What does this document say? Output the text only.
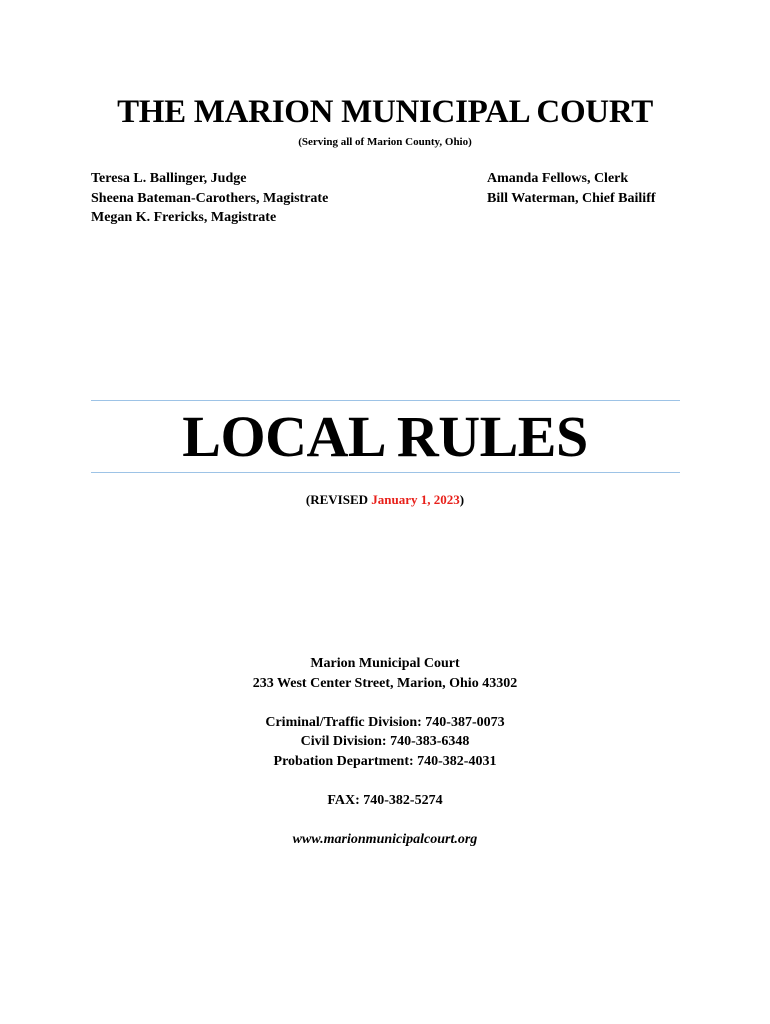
THE MARION MUNICIPAL COURT
(Serving all of Marion County, Ohio)
Teresa L. Ballinger, Judge
Sheena Bateman-Carothers, Magistrate
Megan K. Frericks, Magistrate
Amanda Fellows, Clerk
Bill Waterman, Chief Bailiff
LOCAL RULES
(REVISED January 1, 2023)
Marion Municipal Court
233 West Center Street, Marion, Ohio 43302
Criminal/Traffic Division: 740-387-0073
Civil Division: 740-383-6348
Probation Department: 740-382-4031
FAX: 740-382-5274
www.marionmunicipalcourt.org
